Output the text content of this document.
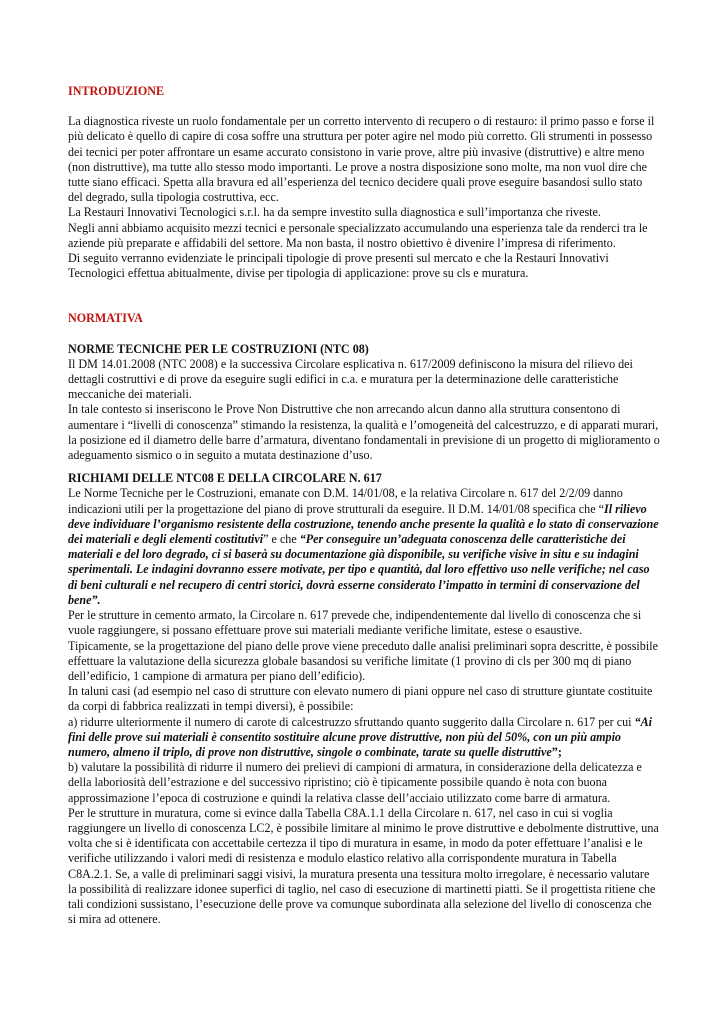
INTRODUZIONE

La diagnostica riveste un ruolo fondamentale per un corretto intervento di recupero o di restauro: il primo passo e forse il più delicato è quello di capire di cosa soffre una struttura per poter agire nel modo più corretto. Gli strumenti in possesso dei tecnici per poter affrontare un esame accurato consistono in varie prove, altre più invasive (distruttive) e altre meno (non distruttive), ma tutte allo stesso modo importanti. Le prove a nostra disposizione sono molte, ma non vuol dire che tutte siano efficaci. Spetta alla bravura ed all’esperienza del tecnico decidere quali prove eseguire basandosi sullo stato del degrado, sulla tipologia costruttiva, ecc.

La Restauri Innovativi Tecnologici s.r.l. ha da sempre investito sulla diagnostica e sull’importanza che riveste.

Negli anni abbiamo acquisito mezzi tecnici e personale specializzato accumulando una esperienza tale da renderci tra le aziende più preparate e affidabili del settore. Ma non basta, il nostro obiettivo è divenire l’impresa di riferimento.

Di seguito verranno evidenziate le principali tipologie di prove presenti sul mercato e che la Restauri Innovativi Tecnologici effettua abitualmente, divise per tipologia di applicazione: prove su cls e muratura.

NORMATIVA

NORME TECNICHE PER LE COSTRUZIONI (NTC 08)

Il DM 14.01.2008 (NTC 2008) e la successiva Circolare esplicativa n. 617/2009 definiscono la misura del rilievo dei dettagli costruttivi e di prove da eseguire sugli edifici in c.a. e muratura per la determinazione delle caratteristiche meccaniche dei materiali.

In tale contesto si inseriscono le Prove Non Distruttive che non arrecando alcun danno alla struttura consentono di aumentare i “livelli di conoscenza” stimando la resistenza, la qualità e l’omogeneità del calcestruzzo, e di apparati murari, la posizione ed il diametro delle barre d’armatura, diventano fondamentali in previsione di un progetto di miglioramento o adeguamento sismico o in seguito a mutata destinazione d’uso.

RICHIAMI DELLE NTC08 E DELLA CIRCOLARE N. 617

Le Norme Tecniche per le Costruzioni, emanate con D.M. 14/01/08, e la relativa Circolare n. 617 del 2/2/09 danno indicazioni utili per la progettazione del piano di prove strutturali da eseguire. Il D.M. 14/01/08 specifica che “Il rilievo deve individuare l’organismo resistente della costruzione, tenendo anche presente la qualità e lo stato di conservazione dei materiali e degli elementi costitutivi” e che “Per conseguire un’adeguata conoscenza delle caratteristiche dei materiali e del loro degrado, ci si baserà su documentazione già disponibile, su verifiche visive in situ e su indagini sperimentali. Le indagini dovranno essere motivate, per tipo e quantità, dal loro effettivo uso nelle verifiche; nel caso di beni culturali e nel recupero di centri storici, dovrà esserne considerato l’impatto in termini di conservazione del bene”.

Per le strutture in cemento armato, la Circolare n. 617 prevede che, indipendentemente dal livello di conoscenza che si vuole raggiungere, si possano effettuare prove sui materiali mediante verifiche limitate, estese o esaustive.

Tipicamente, se la progettazione del piano delle prove viene preceduto dalle analisi preliminari sopra descritte, è possibile effettuare la valutazione della sicurezza globale basandosi su verifiche limitate (1 provino di cls per 300 mq di piano dell’edificio, 1 campione di armatura per piano dell’edificio).

In taluni casi (ad esempio nel caso di strutture con elevato numero di piani oppure nel caso di strutture giuntate costituite da corpi di fabbrica realizzati in tempi diversi), è possibile:

a) ridurre ulteriormente il numero di carote di calcestruzzo sfruttando quanto suggerito dalla Circolare n. 617 per cui “Ai fini delle prove sui materiali è consentito sostituire alcune prove distruttive, non più del 50%, con un più ampio numero, almeno il triplo, di prove non distruttive, singole o combinate, tarate su quelle distruttive”;

b) valutare la possibilità di ridurre il numero dei prelievi di campioni di armatura, in considerazione della delicatezza e della laboriosità dell’estrazione e del successivo ripristino; ciò è tipicamente possibile quando è nota con buona approssimazione l’epoca di costruzione e quindi la relativa classe dell’acciaio utilizzato come barre di armatura.

Per le strutture in muratura, come si evince dalla Tabella C8A.1.1 della Circolare n. 617, nel caso in cui si voglia raggiungere un livello di conoscenza LC2, è possibile limitare al minimo le prove distruttive e debolmente distruttive, una volta che si è identificata con accettabile certezza il tipo di muratura in esame, in modo da poter effettuare l’analisi e le verifiche utilizzando i valori medi di resistenza e modulo elastico relativo alla corrispondente muratura in Tabella C8A.2.1. Se, a valle di preliminari saggi visivi, la muratura presenta una tessitura molto irregolare, è necessario valutare la possibilità di realizzare idonee superfici di taglio, nel caso di esecuzione di martinetti piatti. Se il progettista ritiene che tali condizioni sussistano, l’esecuzione delle prove va comunque subordinata alla selezione del livello di conoscenza che si mira ad ottenere.
